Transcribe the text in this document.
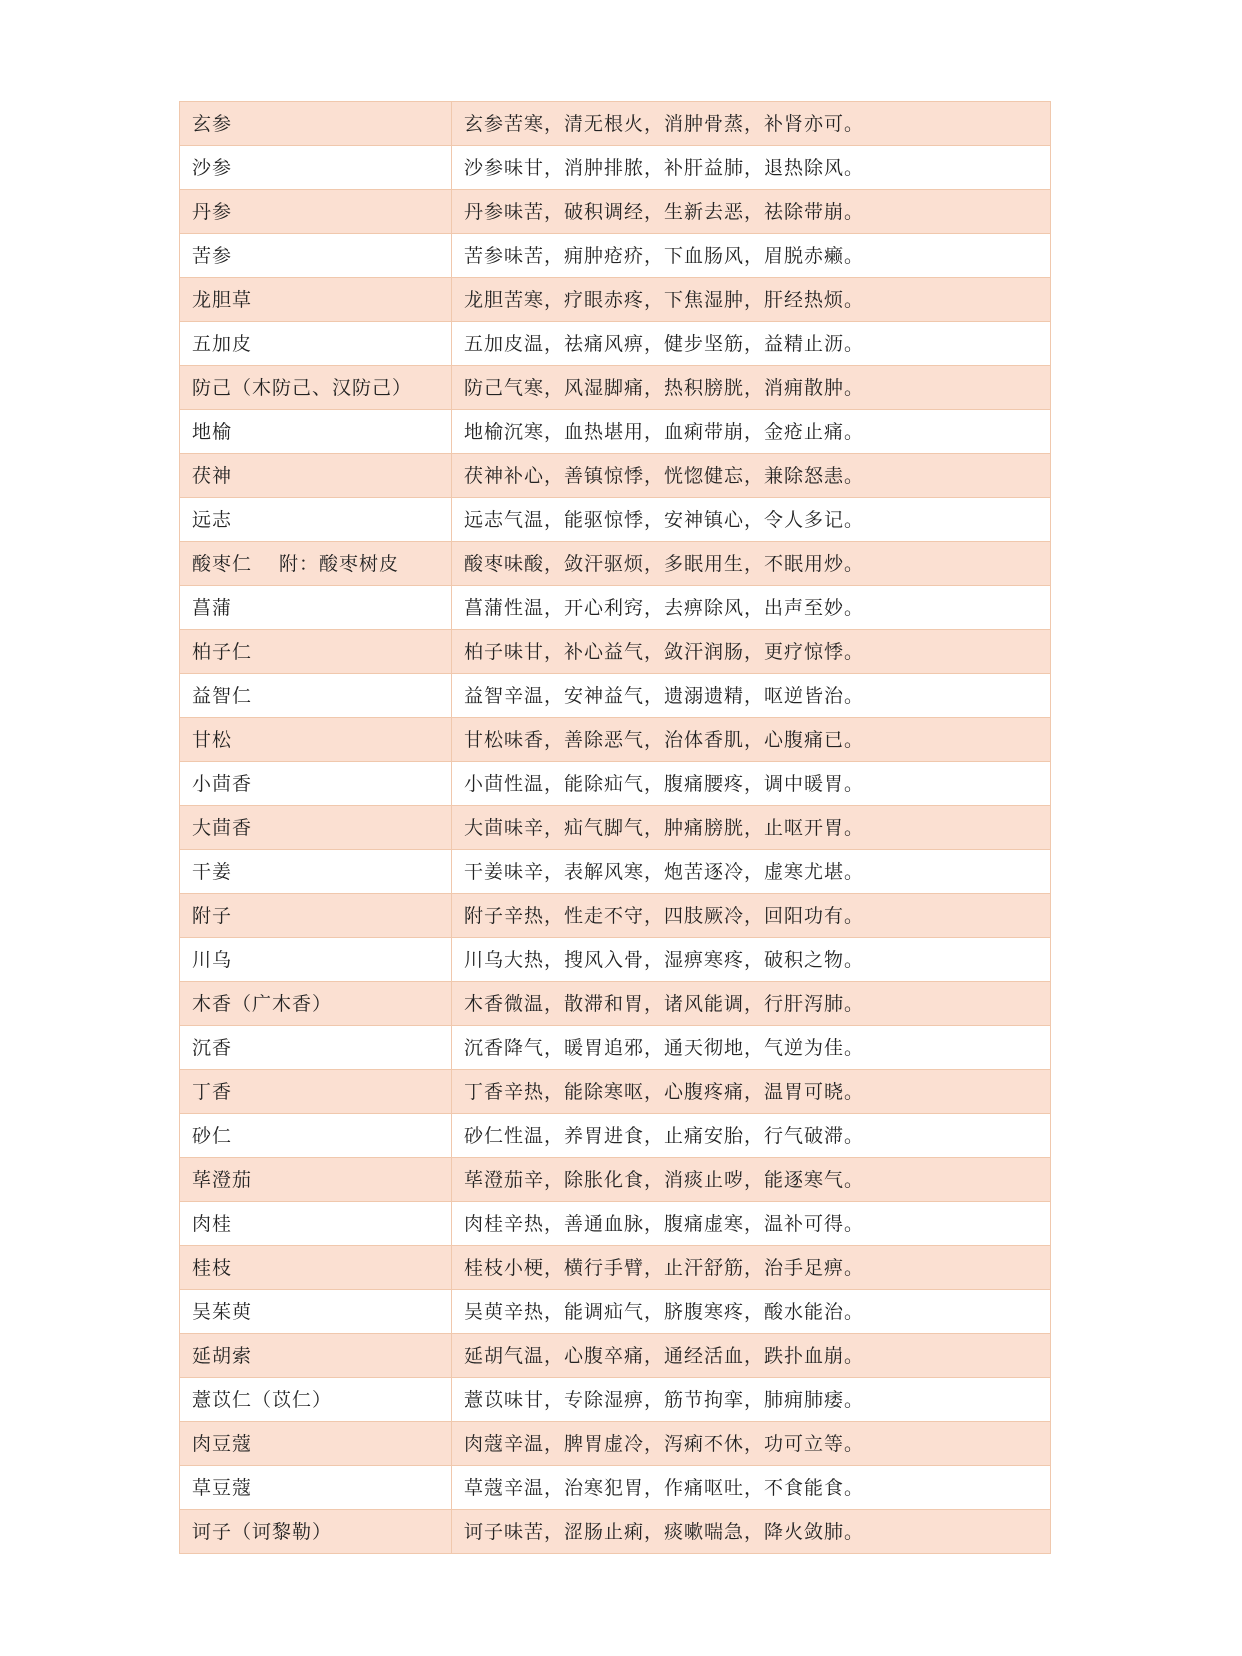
玄参	玄参苦寒，清无根火，消肿骨蒸，补肾亦可。
沙参	沙参味甘，消肿排脓，补肝益肺，退热除风。
丹参	丹参味苦，破积调经，生新去恶，祛除带崩。
苦参	苦参味苦，痈肿疮疥，下血肠风，眉脱赤癞。
龙胆草	龙胆苦寒，疗眼赤疼，下焦湿肿，肝经热烦。
五加皮	五加皮温，祛痛风痹，健步坚筋，益精止沥。
防己（木防己、汉防己）	防己气寒，风湿脚痛，热积膀胱，消痈散肿。
地榆	地榆沉寒，血热堪用，血痢带崩，金疮止痛。
茯神	茯神补心，善镇惊悸，恍惚健忘，兼除怒恚。
远志	远志气温，能驱惊悸，安神镇心，令人多记。
酸枣仁　 附：酸枣树皮	酸枣味酸，敛汗驱烦，多眠用生，不眠用炒。
菖蒲	菖蒲性温，开心利窍，去痹除风，出声至妙。
柏子仁	柏子味甘，补心益气，敛汗润肠，更疗惊悸。
益智仁	益智辛温，安神益气，遗溺遗精，呕逆皆治。
甘松	甘松味香，善除恶气，治体香肌，心腹痛已。
小茴香	小茴性温，能除疝气，腹痛腰疼，调中暖胃。
大茴香	大茴味辛，疝气脚气，肿痛膀胱，止呕开胃。
干姜	干姜味辛，表解风寒，炮苦逐冷，虚寒尤堪。
附子	附子辛热，性走不守，四肢厥冷，回阳功有。
川乌	川乌大热，搜风入骨，湿痹寒疼，破积之物。
木香（广木香）	木香微温，散滞和胃，诸风能调，行肝泻肺。
沉香	沉香降气，暖胃追邪，通天彻地，气逆为佳。
丁香	丁香辛热，能除寒呕，心腹疼痛，温胃可晓。
砂仁	砂仁性温，养胃进食，止痛安胎，行气破滞。
荜澄茄	荜澄茄辛，除胀化食，消痰止哕，能逐寒气。
肉桂	肉桂辛热，善通血脉，腹痛虚寒，温补可得。
桂枝	桂枝小梗，横行手臂，止汗舒筋，治手足痹。
吴茱萸	吴萸辛热，能调疝气，脐腹寒疼，酸水能治。
延胡索	延胡气温，心腹卒痛，通经活血，跌扑血崩。
薏苡仁（苡仁）	薏苡味甘，专除湿痹，筋节拘挛，肺痈肺痿。
肉豆蔻	肉蔻辛温，脾胃虚冷，泻痢不休，功可立等。
草豆蔻	草蔻辛温，治寒犯胃，作痛呕吐，不食能食。
诃子（诃黎勒）	诃子味苦，涩肠止痢，痰嗽喘急，降火敛肺。
